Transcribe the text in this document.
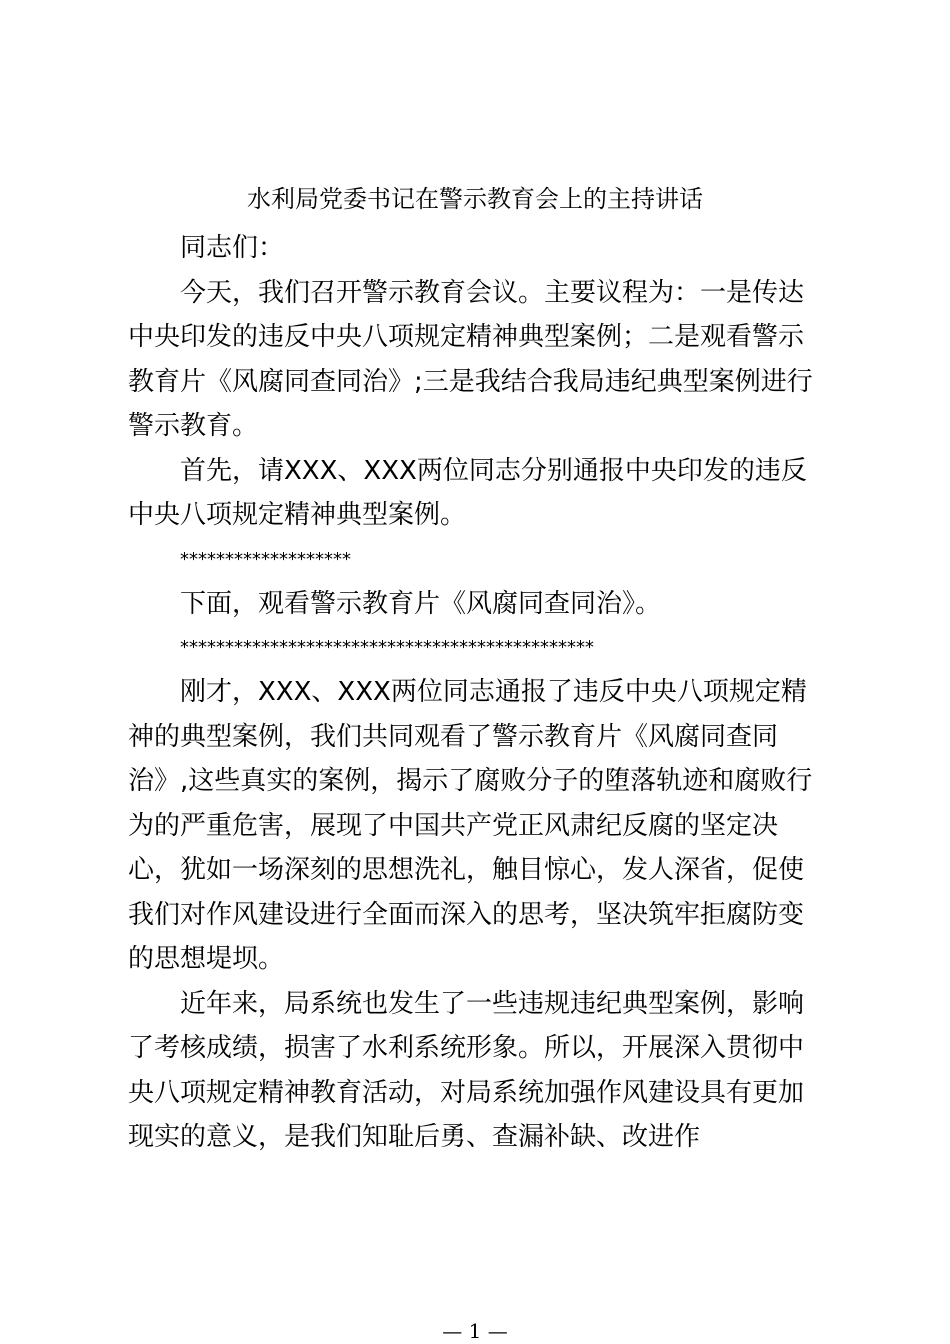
水利局党委书记在警示教育会上的主持讲话

同志们：

今天，我们召开警示教育会议。主要议程为：一是传达中央印发的违反中央八项规定精神典型案例；二是观看警示教育片《风腐同查同治》;三是我结合我局违纪典型案例进行警示教育。

首先，请XXX、XXX两位同志分别通报中央印发的违反中央八项规定精神典型案例。

*******************

下面，观看警示教育片《风腐同查同治》。

**********************************************

刚才，XXX、XXX两位同志通报了违反中央八项规定精神的典型案例，我们共同观看了警示教育片《风腐同查同治》,这些真实的案例，揭示了腐败分子的堕落轨迹和腐败行为的严重危害，展现了中国共产党正风肃纪反腐的坚定决心，犹如一场深刻的思想洗礼，触目惊心，发人深省，促使我们对作风建设进行全面而深入的思考，坚决筑牢拒腐防变的思想堤坝。

近年来，局系统也发生了一些违规违纪典型案例，影响了考核成绩，损害了水利系统形象。所以，开展深入贯彻中央八项规定精神教育活动，对局系统加强作风建设具有更加现实的意义，是我们知耻后勇、查漏补缺、改进作

— 1 —
